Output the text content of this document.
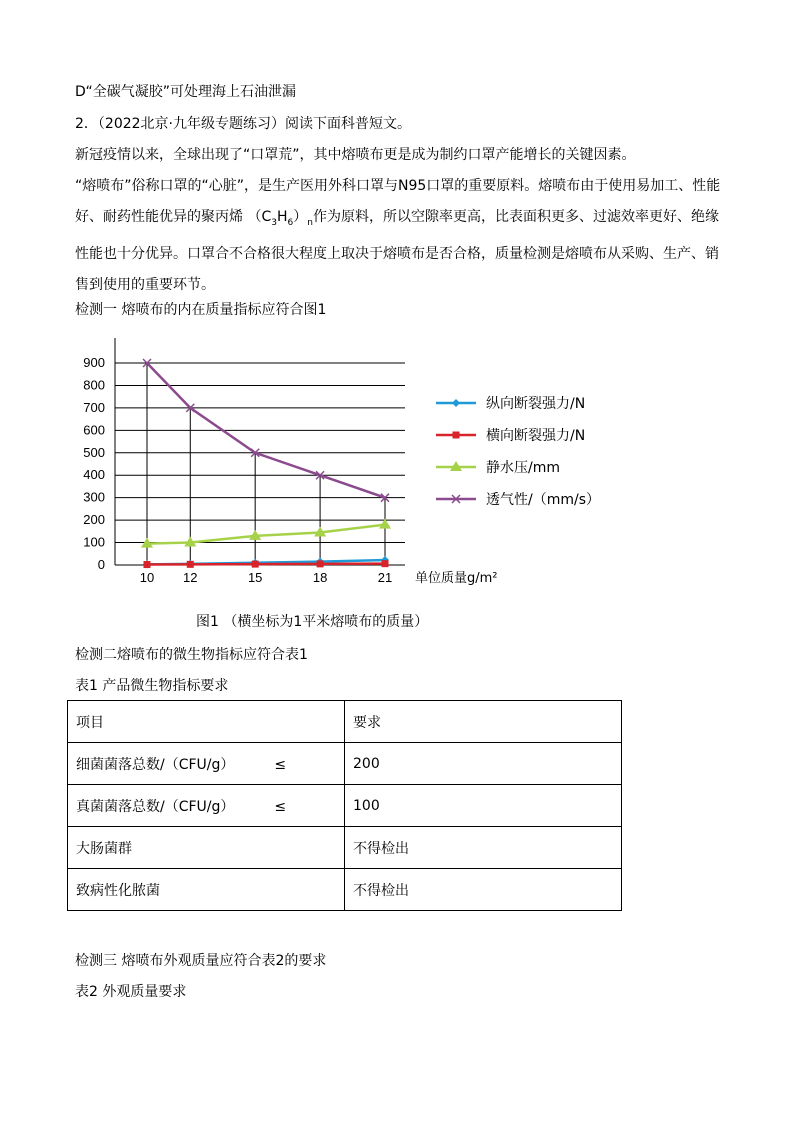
D“全碳气凝胶”可处理海上石油泄漏
2．（2022北京·九年级专题练习）阅读下面科普短文。
新冠疫情以来，全球出现了“口罩荒”，其中熔喷布更是成为制约口罩产能增长的关键因素。
“熔喷布”俗称口罩的“心脏”，是生产医用外科口罩与N95口罩的重要原料。熔喷布由于使用易加工、性能
好、耐药性能优异的聚丙烯 $(C_3H_6)_n$作为原料，所以空隙率更高，比表面积更多、过滤效率更好、绝缘
性能也十分优异。口罩合不合格很大程度上取决于熔喷布是否合格，质量检测是熔喷布从采购、生产、销
售到使用的重要环节。
检测一 熔喷布的内在质量指标应符合图1
0
100
200
300
400
500
600
700
800
900
10 12	15	18	21 单位质量g/m²
纵向断裂强力/N
横向断裂强力/N
静水压/mm
透气性/（mm/s）
图1 （横坐标为1平米熔喷布的质量）
检测二熔喷布的微生物指标应符合表1
表1 产品微生物指标要求
项目	要求
细菌菌落总数/（CFU/g） ≤	200
真菌菌落总数/（CFU/g） ≤	100
大肠菌群	不得检出
致病性化脓菌	不得检出
检测三 熔喷布外观质量应符合表2的要求
表2 外观质量要求
